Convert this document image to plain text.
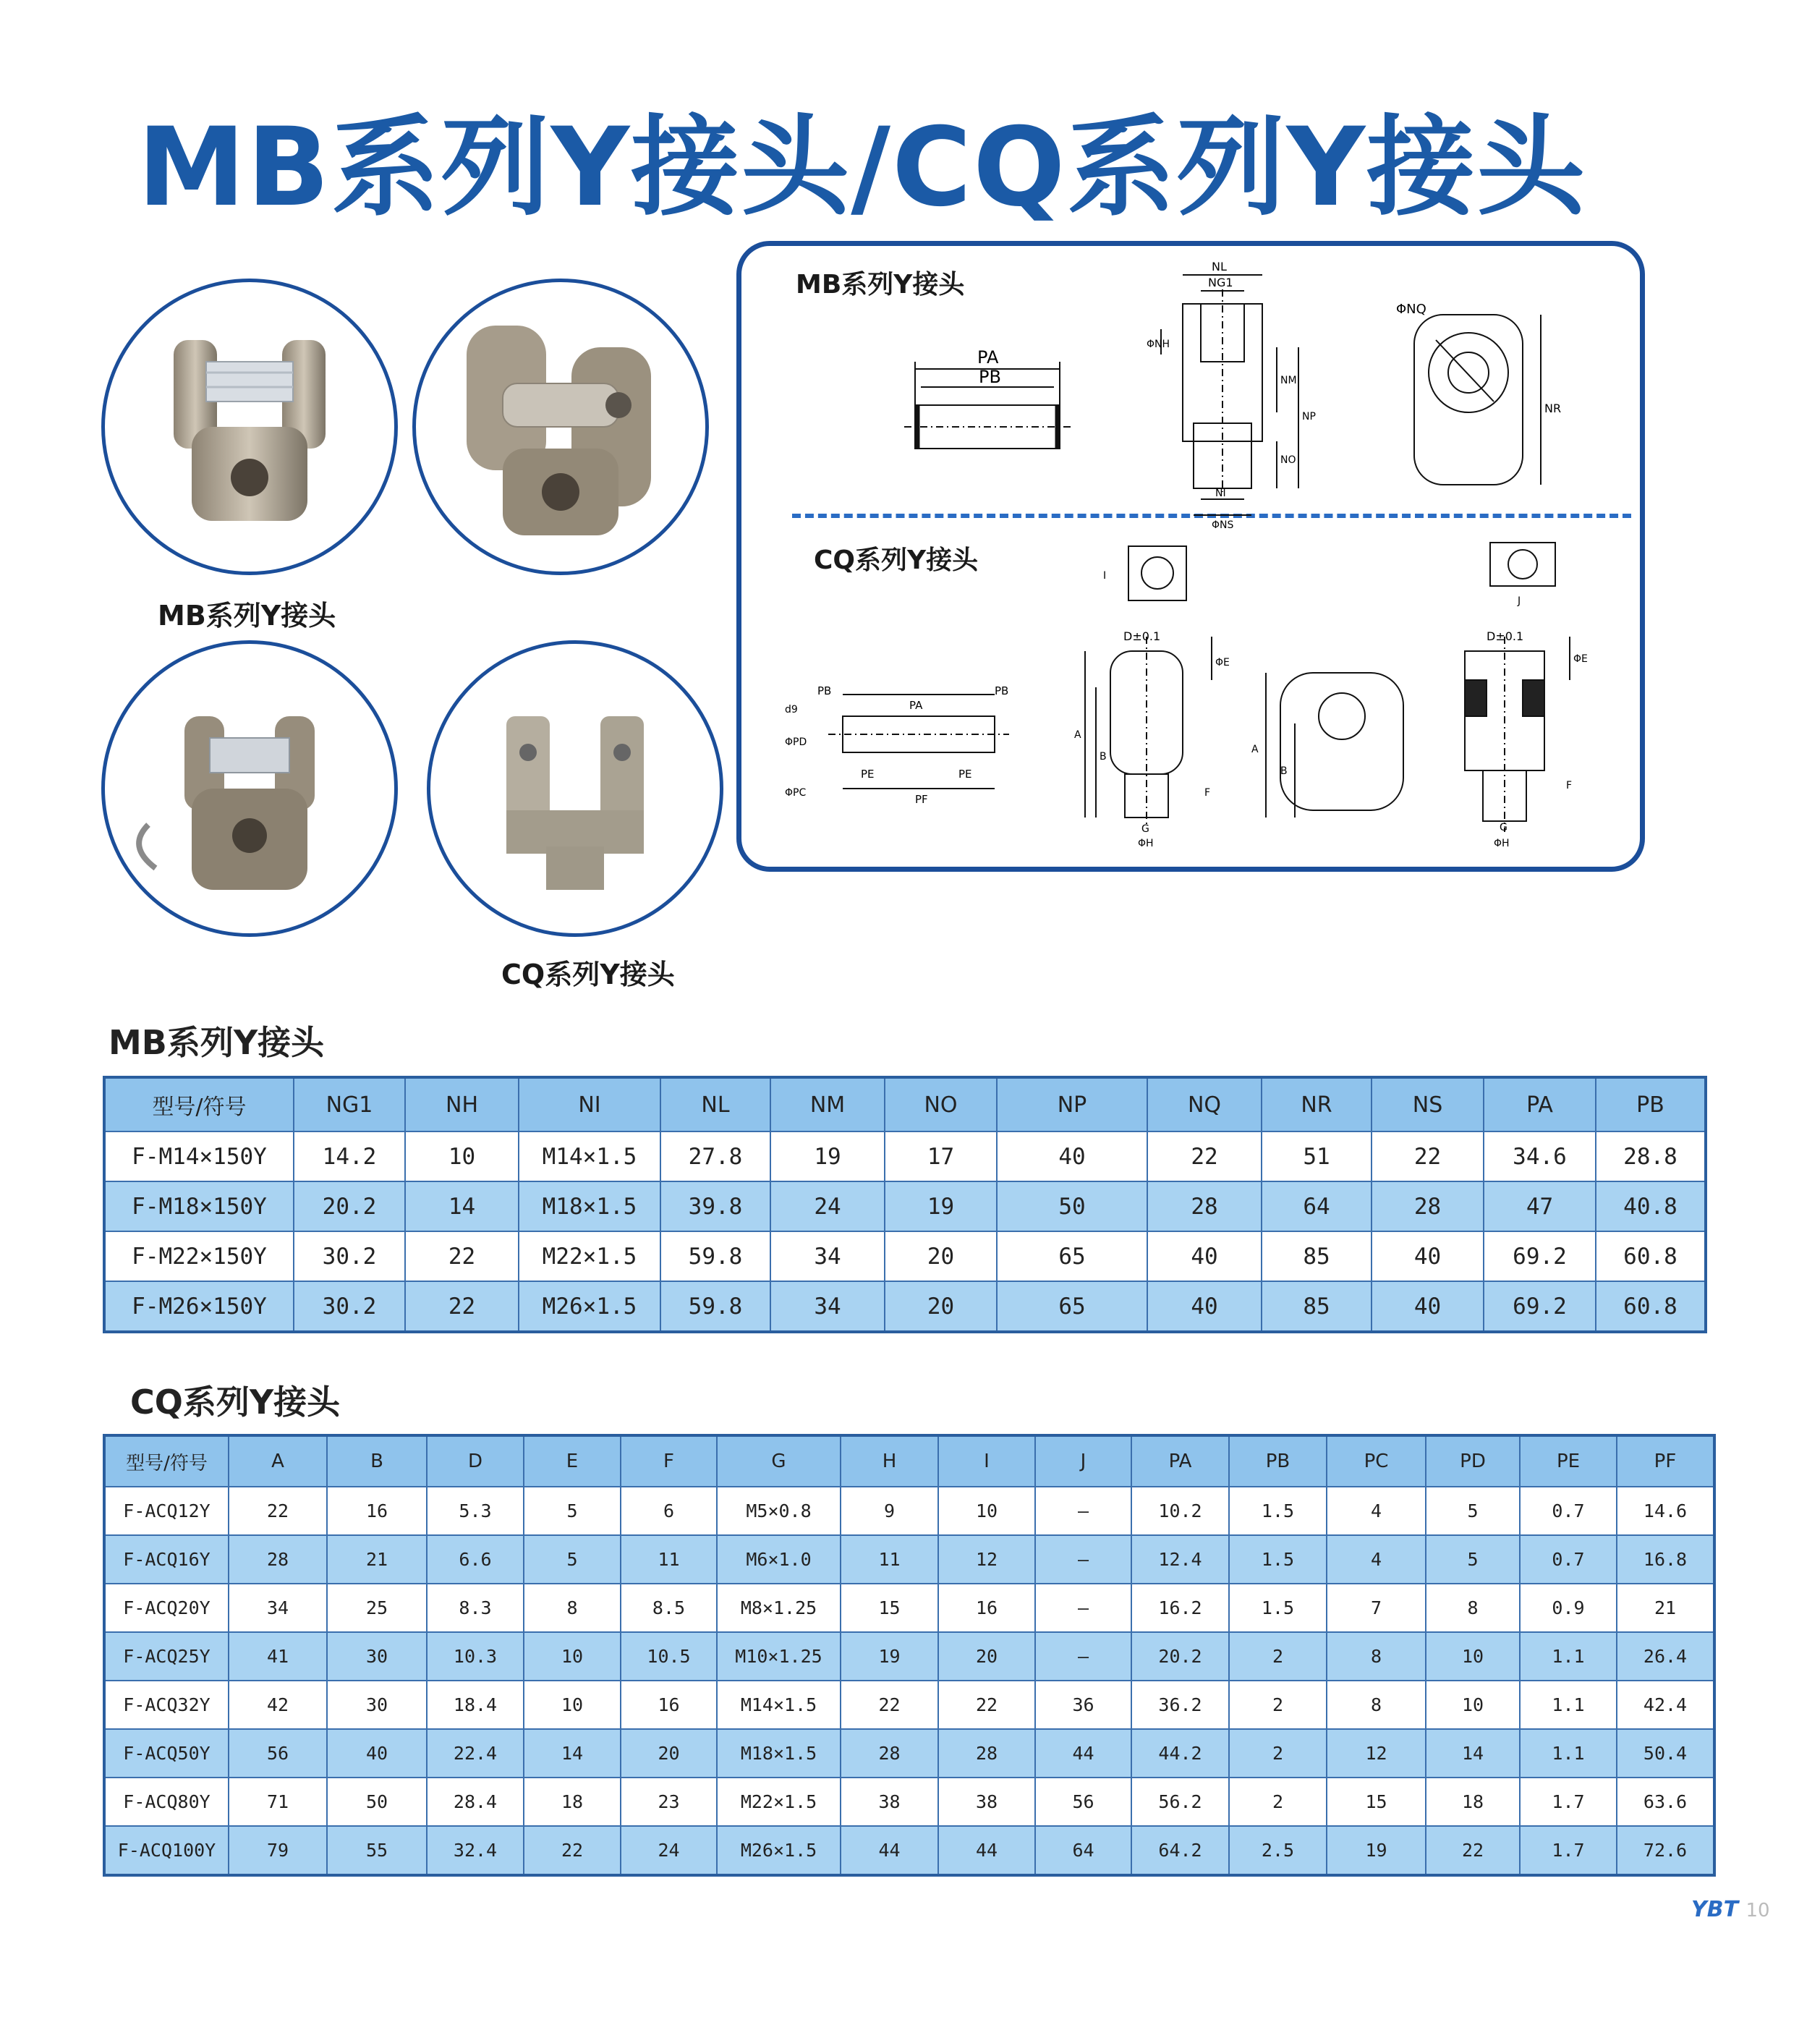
MB系列Y接头/CQ系列Y接头
MB系列Y接头
CQ系列Y接头
MB系列Y接头
CQ系列Y接头
PA
PB
NL
NG1
ΦNH
NM
NP
NO
NI
ΦNS
ΦNQ
NR
I
J
PB	PB
PA
ΦPD
ΦPC
d9
PE	PE
PF
D±0.1
ΦE
A
B
F
G
ΦH
A
B
D±0.1
ΦE
F
G
ΦH
MB系列Y接头
型号/符号	NG1	NH	NI	NL	NM	NO	NP	NQ	NR	NS	PA	PB
F-M14×150Y	14.2	10	M14×1.5	27.8	19	17	40	22	51	22	34.6	28.8
F-M18×150Y	20.2	14	M18×1.5	39.8	24	19	50	28	64	28	47	40.8
F-M22×150Y	30.2	22	M22×1.5	59.8	34	20	65	40	85	40	69.2	60.8
F-M26×150Y	30.2	22	M26×1.5	59.8	34	20	65	40	85	40	69.2	60.8
CQ系列Y接头
型号/符号	A	B	D	E	F	G	H	I	J	PA	PB	PC	PD	PE	PF
F-ACQ12Y	22	16	5.3	5	6	M5×0.8	9	10	–	10.2	1.5	4	5	0.7	14.6
F-ACQ16Y	28	21	6.6	5	11	M6×1.0	11	12	–	12.4	1.5	4	5	0.7	16.8
F-ACQ20Y	34	25	8.3	8	8.5	M8×1.25	15	16	–	16.2	1.5	7	8	0.9	21
F-ACQ25Y	41	30	10.3	10	10.5	M10×1.25	19	20	–	20.2	2	8	10	1.1	26.4
F-ACQ32Y	42	30	18.4	10	16	M14×1.5	22	22	36	36.2	2	8	10	1.1	42.4
F-ACQ50Y	56	40	22.4	14	20	M18×1.5	28	28	44	44.2	2	12	14	1.1	50.4
F-ACQ80Y	71	50	28.4	18	23	M22×1.5	38	38	56	56.2	2	15	18	1.7	63.6
F-ACQ100Y	79	55	32.4	22	24	M26×1.5	44	44	64	64.2	2.5	19	22	1.7	72.6
YBT 10
